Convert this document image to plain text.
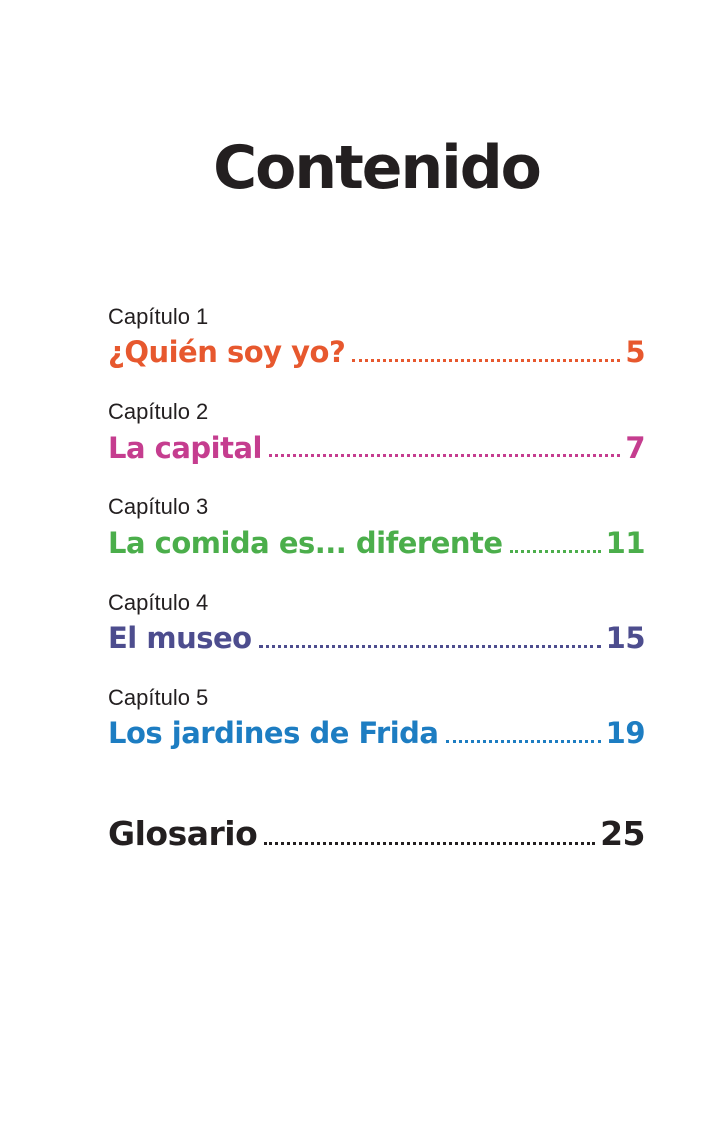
Contenido
Capítulo 1
¿Quién soy yo?	5
Capítulo 2
La capital	7
Capítulo 3
La comida es... diferente	11
Capítulo 4
El museo	15
Capítulo 5
Los jardines de Frida	19
Glosario	25
